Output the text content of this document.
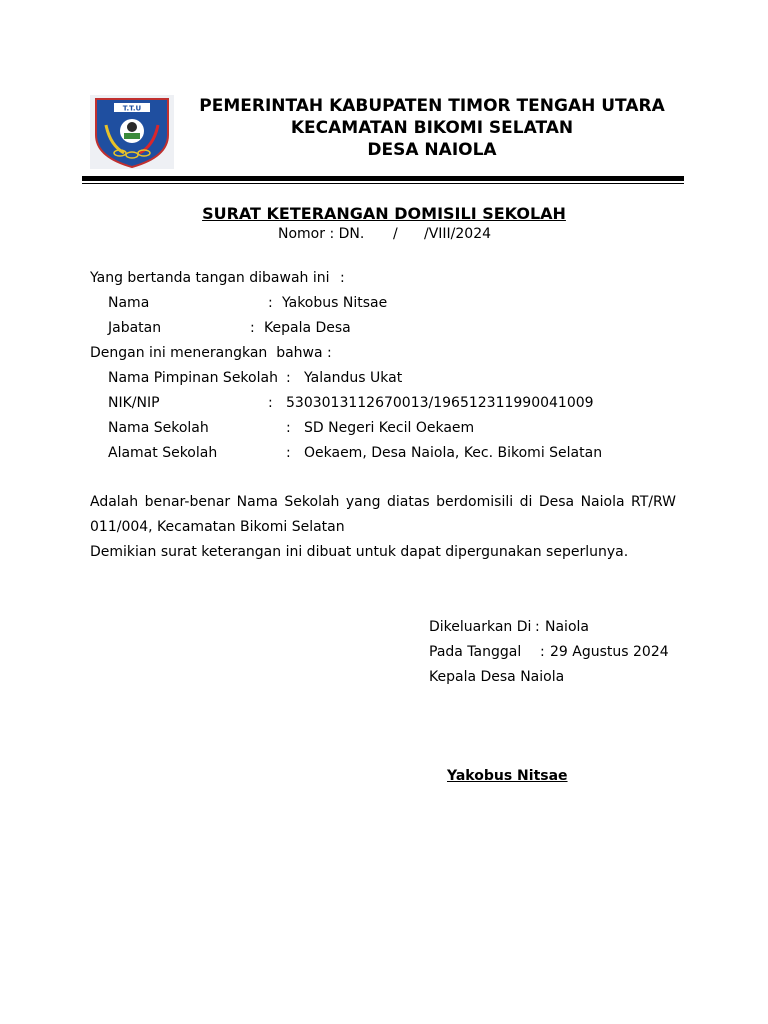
T.T.U	PEMERINTAH KABUPATEN TIMOR TENGAH UTARA
KECAMATAN BIKOMI SELATAN
DESA NAIOLA
SURAT KETERANGAN DOMISILI SEKOLAH
Nomor : DN. / /VIII/2024
Yang bertanda tangan dibawah ini :
Nama	: Yakobus Nitsae
Jabatan	: Kepala Desa
Dengan ini menerangkan  bahwa :
Nama Pimpinan Sekolah : Yalandus Ukat
NIK/NIP	: 5303013112670013/196512311990041009
Nama Sekolah	: SD Negeri Kecil Oekaem
Alamat Sekolah	: Oekaem, Desa Naiola, Kec. Bikomi Selatan
Adalah benar-benar Nama Sekolah yang diatas berdomisili di Desa Naiola RT/RW 011/004, Kecamatan Bikomi Selatan
Demikian surat keterangan ini dibuat untuk dapat dipergunakan seperlunya.
Dikeluarkan Di : Naiola
Pada Tanggal : 29 Agustus 2024
Kepala Desa Naiola
Yakobus Nitsae
